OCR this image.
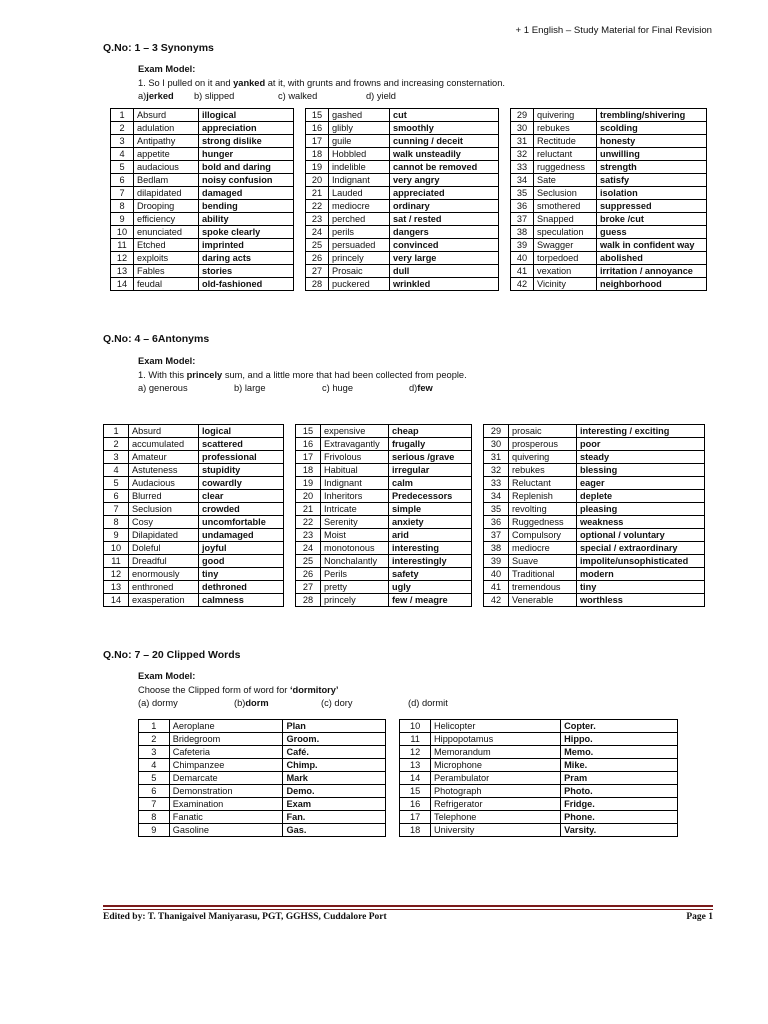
+ 1 English – Study Material for Final Revision
Q.No: 1 – 3 Synonyms
Exam Model:
1. So I pulled on it and yanked at it, with grunts and frowns and increasing consternation.
a)jerked b) slipped	c) walked	d) yield
1	Absurd	illogical		15	gashed	cut		29	quivering	trembling/shivering
2	adulation	appreciation		16	glibly	smoothly		30	rebukes	scolding
3	Antipathy	strong dislike		17	guile	cunning / deceit		31	Rectitude	honesty
4	appetite	hunger		18	Hobbled	walk unsteadily		32	reluctant	unwilling
5	audacious	bold and daring		19	indelible	cannot be removed		33	ruggedness	strength
6	Bedlam	noisy confusion		20	Indignant	very angry		34	Sate	satisfy
7	dilapidated	damaged		21	Lauded	appreciated		35	Seclusion	isolation
8	Drooping	bending		22	mediocre	ordinary		36	smothered	suppressed
9	efficiency	ability		23	perched	sat / rested		37	Snapped	broke /cut
10	enunciated	spoke clearly		24	perils	dangers		38	speculation	guess
11	Etched	imprinted		25	persuaded	convinced		39	Swagger	walk in confident way
12	exploits	daring acts		26	princely	very large		40	torpedoed	abolished
13	Fables	stories		27	Prosaic	dull		41	vexation	irritation / annoyance
14	feudal	old-fashioned		28	puckered	wrinkled		42	Vicinity	neighborhood
Q.No: 4 – 6Antonyms
Exam Model:
1. With this princely sum, and a little more that had been collected from people.
a) generous	b) large	c) huge	d)few
1	Absurd	logical		15	expensive	cheap		29	prosaic	interesting / exciting
2	accumulated	scattered		16	Extravagantly	frugally		30	prosperous	poor
3	Amateur	professional		17	Frivolous	serious /grave		31	quivering	steady
4	Astuteness	stupidity		18	Habitual	irregular		32	rebukes	blessing
5	Audacious	cowardly		19	Indignant	calm		33	Reluctant	eager
6	Blurred	clear		20	Inheritors	Predecessors		34	Replenish	deplete
7	Seclusion	crowded		21	Intricate	simple		35	revolting	pleasing
8	Cosy	uncomfortable		22	Serenity	anxiety		36	Ruggedness	weakness
9	Dilapidated	undamaged		23	Moist	arid		37	Compulsory	optional / voluntary
10	Doleful	joyful		24	monotonous	interesting		38	mediocre	special / extraordinary
11	Dreadful	good		25	Nonchalantly	interestingly		39	Suave	impolite/unsophisticated
12	enormously	tiny		26	Perils	safety		40	Traditional	modern
13	enthroned	dethroned		27	pretty	ugly		41	tremendous	tiny
14	exasperation	calmness		28	princely	few / meagre		42	Venerable	worthless
Q.No: 7 – 20 Clipped Words
Exam Model:
Choose the Clipped form of word for ‘dormitory’
(a) dormy	(b)dorm	(c) dory	(d) dormit
1	Aeroplane	Plan		10	Helicopter	Copter.
2	Bridegroom	Groom.		11	Hippopotamus	Hippo.
3	Cafeteria	Café.		12	Memorandum	Memo.
4	Chimpanzee	Chimp.		13	Microphone	Mike.
5	Demarcate	Mark		14	Perambulator	Pram
6	Demonstration	Demo.		15	Photograph	Photo.
7	Examination	Exam		16	Refrigerator	Fridge.
8	Fanatic	Fan.		17	Telephone	Phone.
9	Gasoline	Gas.		18	University	Varsity.
Edited by: T. Thanigaivel Maniyarasu, PGT, GGHSS, Cuddalore Port	Page 1
